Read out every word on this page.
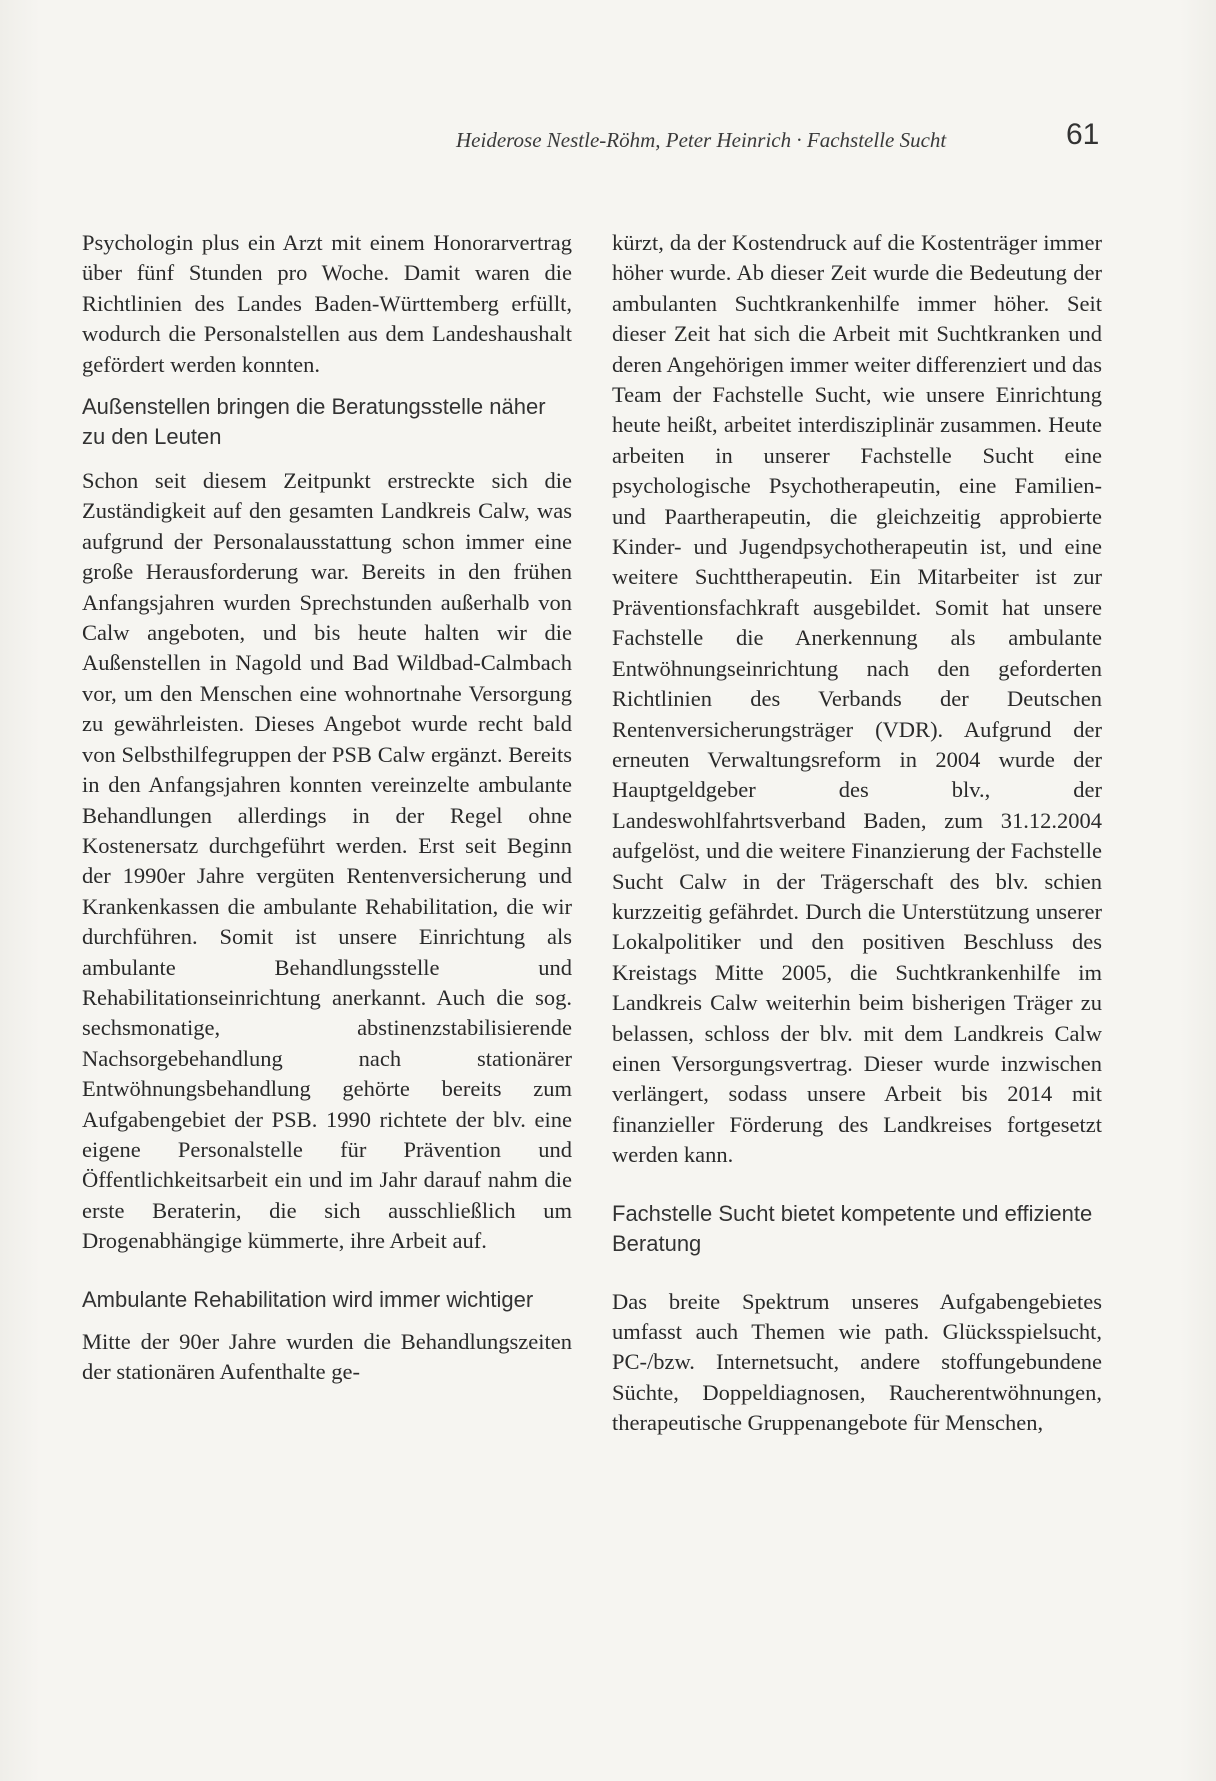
Heiderose Nestle-Röhm, Peter Heinrich · Fachstelle Sucht	61

Psychologin plus ein Arzt mit einem Honorarvertrag über fünf Stunden pro Woche. Damit waren die Richtlinien des Landes Baden-Württemberg erfüllt, wodurch die Personalstellen aus dem Landeshaushalt gefördert werden konnten.

Außenstellen bringen die Beratungsstelle näher zu den Leuten

Schon seit diesem Zeitpunkt erstreckte sich die Zuständigkeit auf den gesamten Landkreis Calw, was aufgrund der Personalausstattung schon immer eine große Herausforderung war. Bereits in den frühen Anfangsjahren wurden Sprechstunden außerhalb von Calw angeboten, und bis heute halten wir die Außenstellen in Nagold und Bad Wildbad-Calmbach vor, um den Menschen eine wohnortnahe Versorgung zu gewährleisten. Dieses Angebot wurde recht bald von Selbsthilfegruppen der PSB Calw ergänzt. Bereits in den Anfangsjahren konnten vereinzelte ambulante Behandlungen allerdings in der Regel ohne Kostenersatz durchgeführt werden. Erst seit Beginn der 1990er Jahre vergüten Rentenversicherung und Krankenkassen die ambulante Rehabilitation, die wir durchführen. Somit ist unsere Einrichtung als ambulante Behandlungsstelle und Rehabilitationseinrichtung anerkannt. Auch die sog. sechsmonatige, abstinenzstabilisierende Nachsorgebehandlung nach stationärer Entwöhnungsbehandlung gehörte bereits zum Aufgabengebiet der PSB. 1990 richtete der blv. eine eigene Personalstelle für Prävention und Öffentlichkeitsarbeit ein und im Jahr darauf nahm die erste Beraterin, die sich ausschließlich um Drogenabhängige kümmerte, ihre Arbeit auf.

Ambulante Rehabilitation wird immer wichtiger

Mitte der 90er Jahre wurden die Behandlungszeiten der stationären Aufenthalte ge-

kürzt, da der Kostendruck auf die Kostenträger immer höher wurde. Ab dieser Zeit wurde die Bedeutung der ambulanten Suchtkrankenhilfe immer höher. Seit dieser Zeit hat sich die Arbeit mit Suchtkranken und deren Angehörigen immer weiter differenziert und das Team der Fachstelle Sucht, wie unsere Einrichtung heute heißt, arbeitet interdisziplinär zusammen. Heute arbeiten in unserer Fachstelle Sucht eine psychologische Psychotherapeutin, eine Familien- und Paartherapeutin, die gleichzeitig approbierte Kinder- und Jugendpsychotherapeutin ist, und eine weitere Suchttherapeutin. Ein Mitarbeiter ist zur Präventionsfachkraft ausgebildet. Somit hat unsere Fachstelle die Anerkennung als ambulante Entwöhnungseinrichtung nach den geforderten Richtlinien des Verbands der Deutschen Rentenversicherungsträger (VDR). Aufgrund der erneuten Verwaltungsreform in 2004 wurde der Hauptgeldgeber des blv., der Landeswohlfahrtsverband Baden, zum 31.12.2004 aufgelöst, und die weitere Finanzierung der Fachstelle Sucht Calw in der Trägerschaft des blv. schien kurzzeitig gefährdet. Durch die Unterstützung unserer Lokalpolitiker und den positiven Beschluss des Kreistags Mitte 2005, die Suchtkrankenhilfe im Landkreis Calw weiterhin beim bisherigen Träger zu belassen, schloss der blv. mit dem Landkreis Calw einen Versorgungsvertrag. Dieser wurde inzwischen verlängert, sodass unsere Arbeit bis 2014 mit finanzieller Förderung des Landkreises fortgesetzt werden kann.

Fachstelle Sucht bietet kompetente und effiziente Beratung

Das breite Spektrum unseres Aufgabengebietes umfasst auch Themen wie path. Glücksspielsucht, PC-/bzw. Internetsucht, andere stoffungebundene Süchte, Doppeldiagnosen, Raucherentwöhnungen, therapeutische Gruppenangebote für Menschen,
